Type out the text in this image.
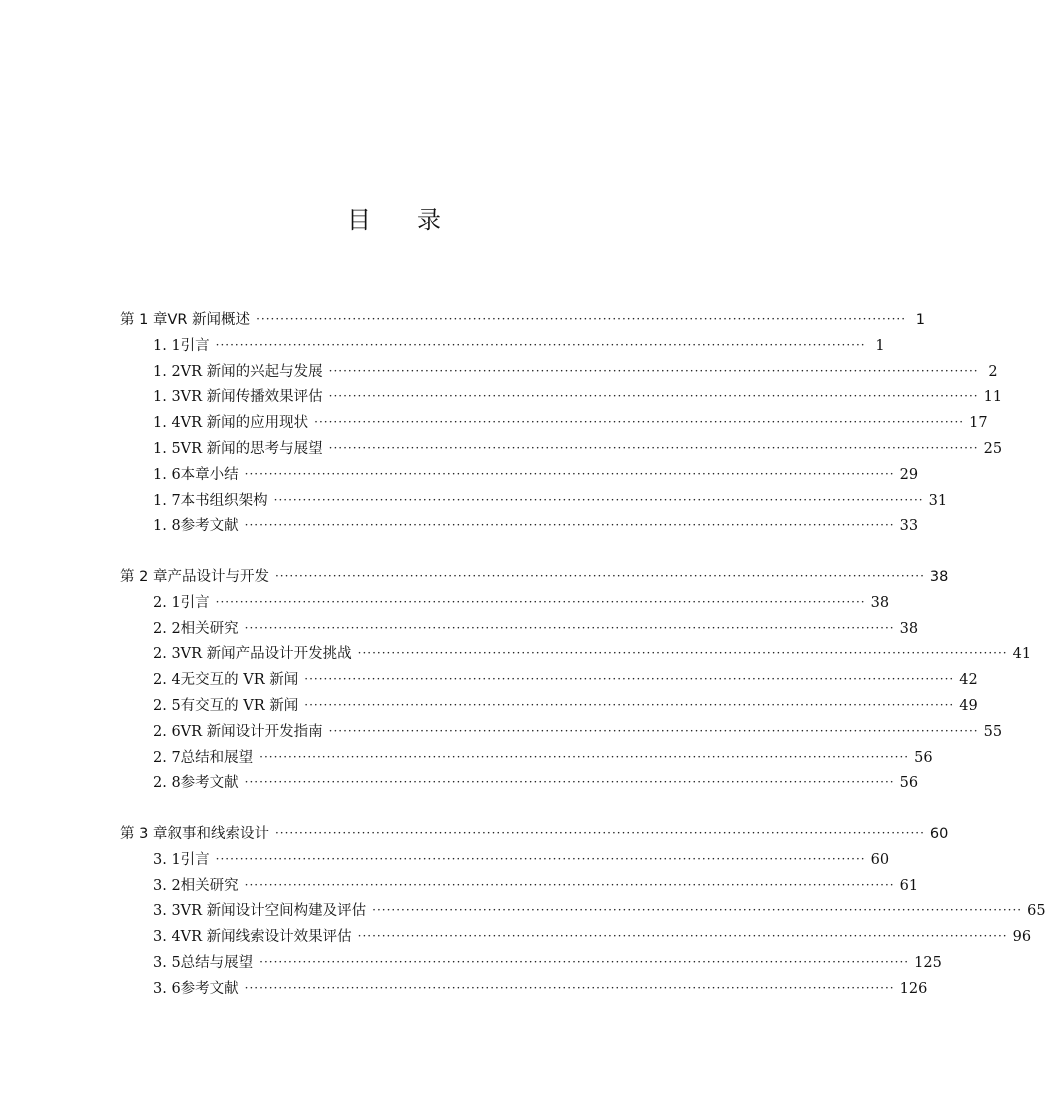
目 录
第 1 章 VR 新闻概述 ······································································································································· 1
1. 1 引言 ······································································································································· 1
1. 2 VR 新闻的兴起与发展 ······································································································································· 2
1. 3 VR 新闻传播效果评估 ······································································································································· 11
1. 4 VR 新闻的应用现状 ······································································································································· 17
1. 5 VR 新闻的思考与展望 ······································································································································· 25
1. 6 本章小结 ······································································································································· 29
1. 7 本书组织架构 ······································································································································· 31
1. 8 参考文献 ······································································································································· 33
第 2 章 产品设计与开发 ······································································································································· 38
2. 1 引言 ······································································································································· 38
2. 2 相关研究 ······································································································································· 38
2. 3 VR 新闻产品设计开发挑战 ······································································································································· 41
2. 4 无交互的 VR 新闻 ······································································································································· 42
2. 5 有交互的 VR 新闻 ······································································································································· 49
2. 6 VR 新闻设计开发指南 ······································································································································· 55
2. 7 总结和展望 ······································································································································· 56
2. 8 参考文献 ······································································································································· 56
第 3 章 叙事和线索设计 ······································································································································· 60
3. 1 引言 ······································································································································· 60
3. 2 相关研究 ······································································································································· 61
3. 3 VR 新闻设计空间构建及评估 ······································································································································· 65
3. 4 VR 新闻线索设计效果评估 ······································································································································· 96
3. 5 总结与展望 ······································································································································· 125
3. 6 参考文献 ······································································································································· 126
